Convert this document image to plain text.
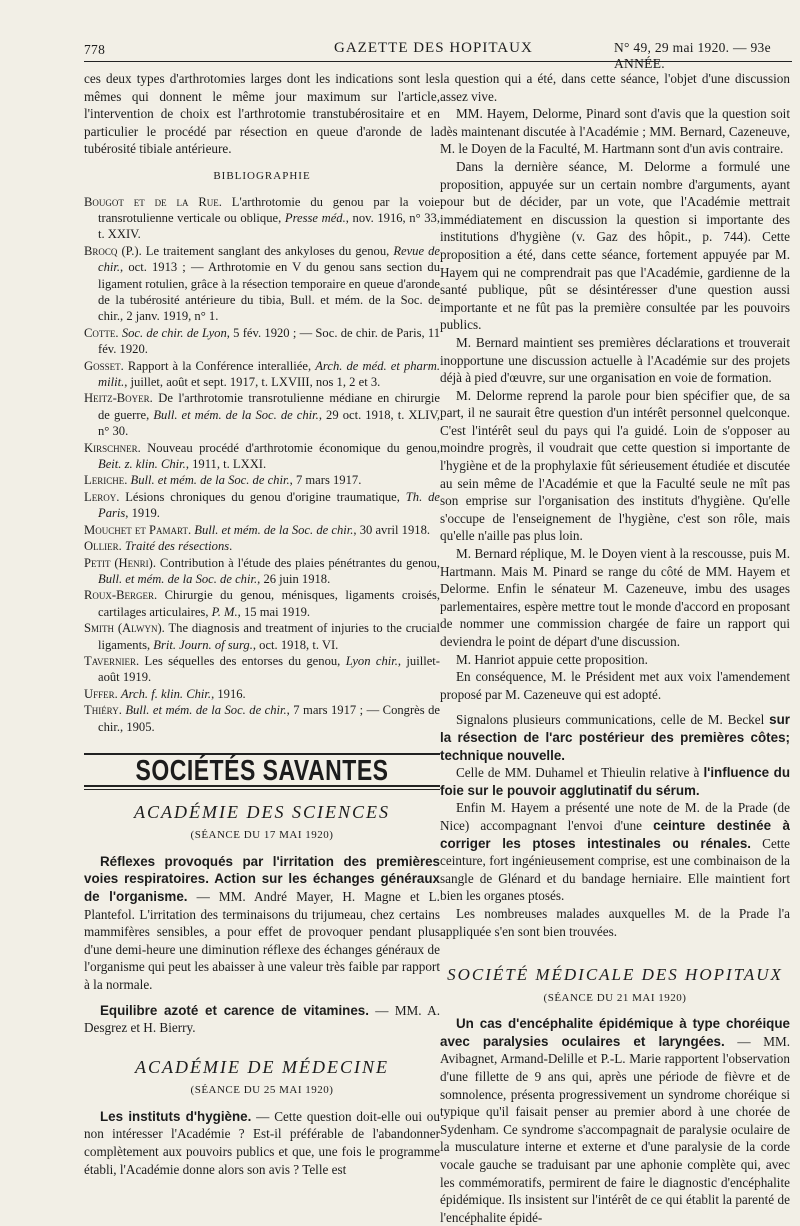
778	GAZETTE DES HOPITAUX	N° 49, 29 mai 1920. — 93e ANNÉE.

ces deux types d'arthrotomies larges dont les indications sont les mêmes qui donnent le même jour maximum sur l'article, l'intervention de choix est l'arthrotomie transtubérositaire et en particulier le procédé par résection en queue d'aronde de la tubérosité tibiale antérieure.

BIBLIOGRAPHIE

Bougot et de la Rue. L'arthrotomie du genou par la voie transrotulienne verticale ou oblique, Presse méd., nov. 1916, n° 33, t. XXIV.

Brocq (P.). Le traitement sanglant des ankyloses du genou, Revue de chir., oct. 1913 ; — Arthrotomie en V du genou sans section du ligament rotulien, grâce à la résection temporaire en queue d'aronde de la tubérosité antérieure du tibia, Bull. et mém. de la Soc. de chir., 2 janv. 1919, n° 1.

Cotte. Soc. de chir. de Lyon, 5 fév. 1920 ; — Soc. de chir. de Paris, 11 fév. 1920.

Gosset. Rapport à la Conférence interalliée, Arch. de méd. et pharm. milit., juillet, août et sept. 1917, t. LXVIII, nos 1, 2 et 3.

Heitz-Boyer. De l'arthrotomie transrotulienne médiane en chirurgie de guerre, Bull. et mém. de la Soc. de chir., 29 oct. 1918, t. XLIV, n° 30.

Kirschner. Nouveau procédé d'arthrotomie économique du genou, Beit. z. klin. Chir., 1911, t. LXXI.

Leriche. Bull. et mém. de la Soc. de chir., 7 mars 1917.

Leroy. Lésions chroniques du genou d'origine traumatique, Th. de Paris, 1919.

Mouchet et Pamart. Bull. et mém. de la Soc. de chir., 30 avril 1918.

Ollier. Traité des résections.

Petit (Henri). Contribution à l'étude des plaies pénétrantes du genou, Bull. et mém. de la Soc. de chir., 26 juin 1918.

Roux-Berger. Chirurgie du genou, ménisques, ligaments croisés, cartilages articulaires, P. M., 15 mai 1919.

Smith (Alwyn). The diagnosis and treatment of injuries to the crucial ligaments, Brit. Journ. of surg., oct. 1918, t. VI.

Tavernier. Les séquelles des entorses du genou, Lyon chir., juillet-août 1919.

Uffer. Arch. f. klin. Chir., 1916.

Thiéry. Bull. et mém. de la Soc. de chir., 7 mars 1917 ; — Congrès de chir., 1905.

SOCIÉTÉS SAVANTES
ACADÉMIE DES SCIENCES
(SÉANCE DU 17 MAI 1920)

Réflexes provoqués par l'irritation des premières voies respiratoires. Action sur les échanges généraux de l'organisme. — MM. André Mayer, H. Magne et L. Plantefol. L'irritation des terminaisons du trijumeau, chez certains mammifères sensibles, a pour effet de provoquer pendant plus d'une demi-heure une diminution réflexe des échanges généraux de l'organisme qui peut les abaisser à une valeur très faible par rapport à la normale.

Equilibre azoté et carence de vitamines. — MM. A. Desgrez et H. Bierry.

ACADÉMIE DE MÉDECINE
(SÉANCE DU 25 MAI 1920)

Les instituts d'hygiène. — Cette question doit-elle oui ou non intéresser l'Académie ? Est-il préférable de l'abandonner complètement aux pouvoirs publics et que, une fois le programme établi, l'Académie donne alors son avis ? Telle est

la question qui a été, dans cette séance, l'objet d'une discussion assez vive.

MM. Hayem, Delorme, Pinard sont d'avis que la question soit dès maintenant discutée à l'Académie ; MM. Bernard, Cazeneuve, M. le Doyen de la Faculté, M. Hartmann sont d'un avis contraire.

Dans la dernière séance, M. Delorme a formulé une proposition, appuyée sur un certain nombre d'arguments, ayant pour but de décider, par un vote, que l'Académie mettrait immédiatement en discussion la question si importante des institutions d'hygiène (v. Gaz des hôpit., p. 744). Cette proposition a été, dans cette séance, fortement appuyée par M. Hayem qui ne comprendrait pas que l'Académie, gardienne de la santé publique, pût se désintéresser d'une question aussi importante et ne fût pas la première consultée par les pouvoirs publics.

M. Bernard maintient ses premières déclarations et trouverait inopportune une discussion actuelle à l'Académie sur des projets déjà à pied d'œuvre, sur une organisation en voie de formation.

M. Delorme reprend la parole pour bien spécifier que, de sa part, il ne saurait être question d'un intérêt personnel quelconque. C'est l'intérêt seul du pays qui l'a guidé. Loin de s'opposer au moindre progrès, il voudrait que cette question si importante de l'hygiène et de la prophylaxie fût sérieusement étudiée et discutée au sein même de l'Académie et que la Faculté seule ne mît pas son emprise sur l'organisation des instituts d'hygiène. Qu'elle s'occupe de l'enseignement de l'hygiène, c'est son rôle, mais qu'elle n'aille pas plus loin.

M. Bernard réplique, M. le Doyen vient à la rescousse, puis M. Hartmann. Mais M. Pinard se range du côté de MM. Hayem et Delorme. Enfin le sénateur M. Cazeneuve, imbu des usages parlementaires, espère mettre tout le monde d'accord en proposant de nommer une commission chargée de faire un rapport qui deviendra le point de départ d'une discussion.

M. Hanriot appuie cette proposition.

En conséquence, M. le Président met aux voix l'amendement proposé par M. Cazeneuve qui est adopté.

Signalons plusieurs communications, celle de M. Beckel sur la résection de l'arc postérieur des premières côtes; technique nouvelle.

Celle de MM. Duhamel et Thieulin relative à l'influence du foie sur le pouvoir agglutinatif du sérum.

Enfin M. Hayem a présenté une note de M. de la Prade (de Nice) accompagnant l'envoi d'une ceinture destinée à corriger les ptoses intestinales ou rénales. Cette ceinture, fort ingénieusement comprise, est une combinaison de la sangle de Glénard et du bandage herniaire. Elle maintient fort bien les organes ptosés.

Les nombreuses malades auxquelles M. de la Prade l'a appliquée s'en sont bien trouvées.

SOCIÉTÉ MÉDICALE DES HOPITAUX
(SÉANCE DU 21 MAI 1920)

Un cas d'encéphalite épidémique à type choréique avec paralysies oculaires et laryngées. — MM. Avibagnet, Armand-Delille et P.-L. Marie rapportent l'observation d'une fillette de 9 ans qui, après une période de fièvre et de somnolence, présenta progressivement un syndrome choréique si typique qu'il faisait penser au premier abord à une chorée de Sydenham. Ce syndrome s'accompagnait de paralysie oculaire de la musculature interne et externe et d'une paralysie de la corde vocale gauche se traduisant par une aphonie complète qui, avec les commémoratifs, permirent de faire le diagnostic d'encéphalite épidémique. Ils insistent sur l'intérêt de ce qui établit la parenté de l'encéphalite épidé-
